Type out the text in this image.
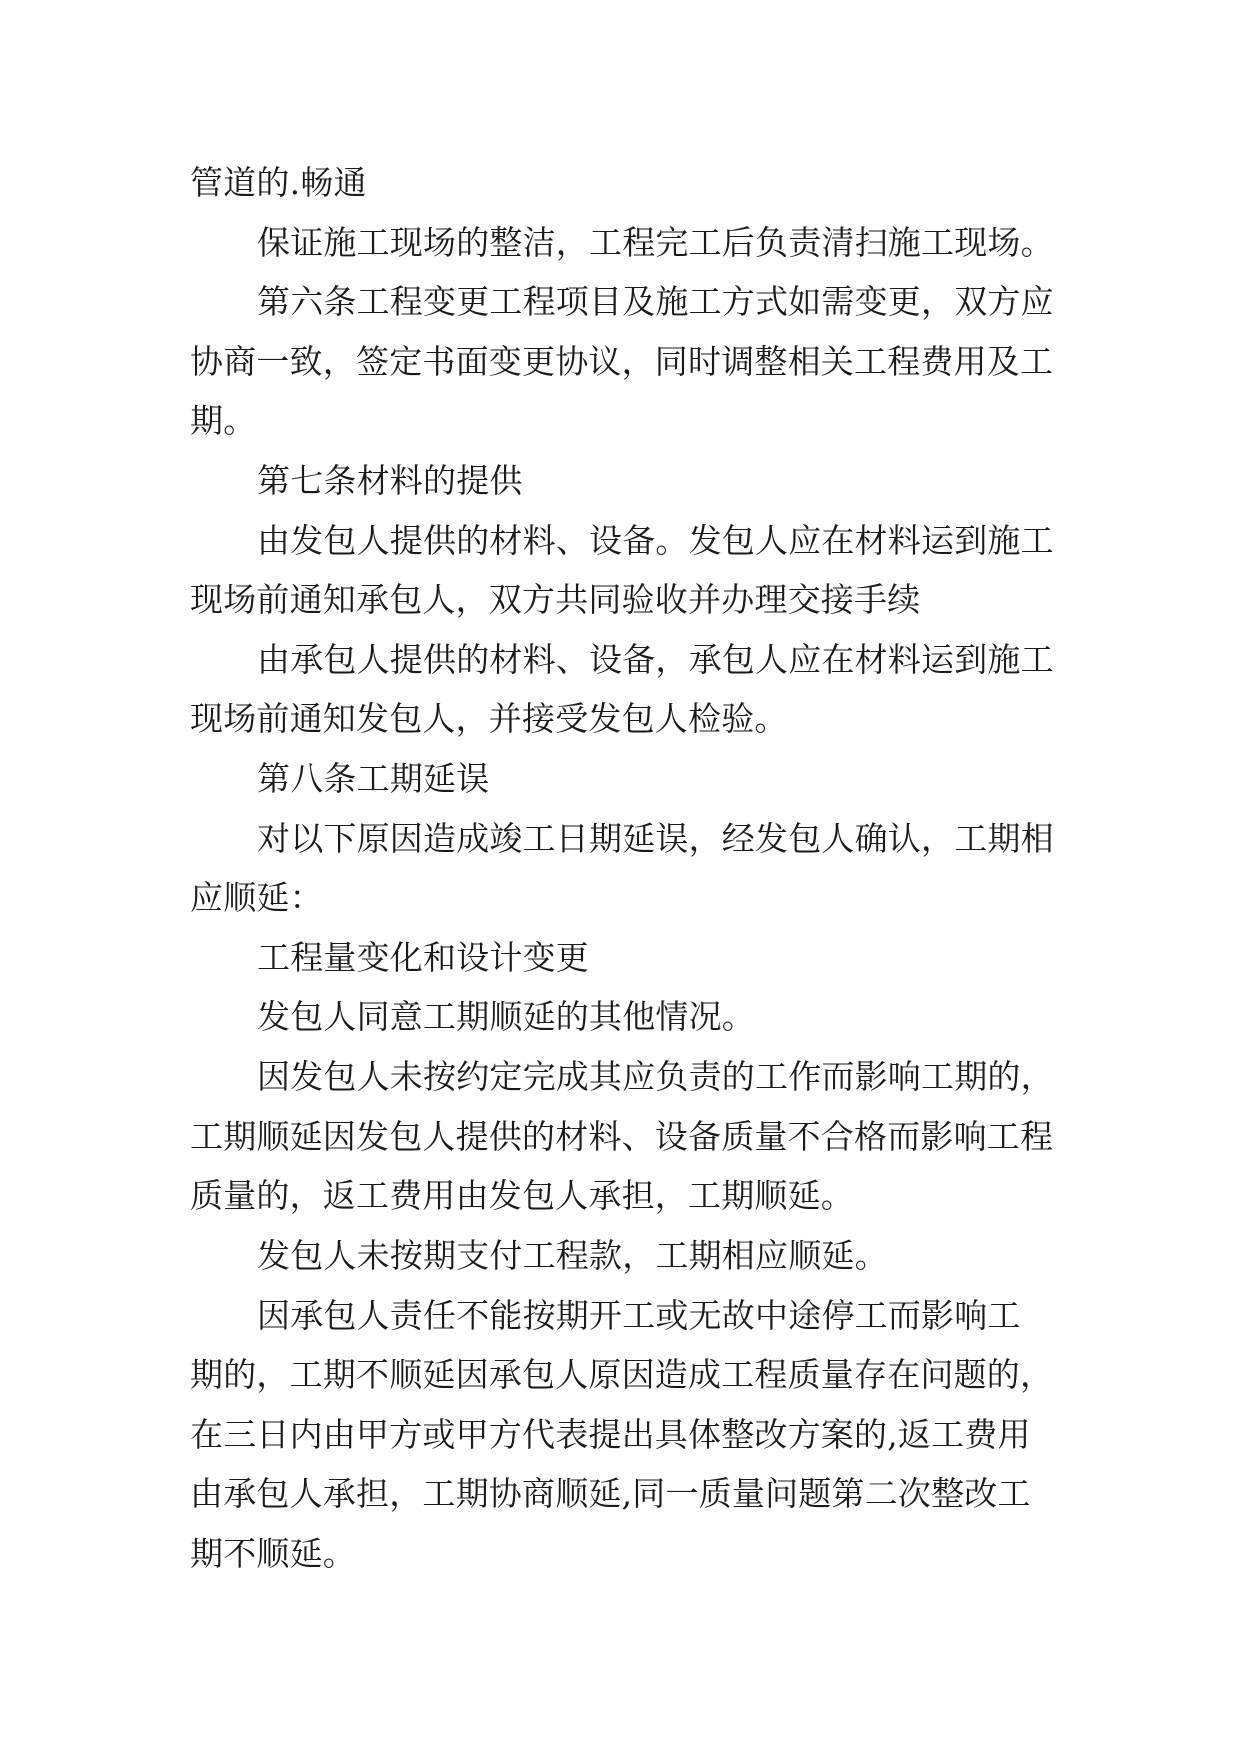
管道的.畅通
保证施工现场的整洁，工程完工后负责清扫施工现场。
第六条工程变更工程项目及施工方式如需变更，双方应
协商一致，签定书面变更协议，同时调整相关工程费用及工
期。
第七条材料的提供
由发包人提供的材料、设备。发包人应在材料运到施工
现场前通知承包人，双方共同验收并办理交接手续
由承包人提供的材料、设备，承包人应在材料运到施工
现场前通知发包人，并接受发包人检验。
第八条工期延误
对以下原因造成竣工日期延误，经发包人确认，工期相
应顺延：
工程量变化和设计变更
发包人同意工期顺延的其他情况。
因发包人未按约定完成其应负责的工作而影响工期的，
工期顺延因发包人提供的材料、设备质量不合格而影响工程
质量的，返工费用由发包人承担，工期顺延。
发包人未按期支付工程款，工期相应顺延。
因承包人责任不能按期开工或无故中途停工而影响工
期的，工期不顺延因承包人原因造成工程质量存在问题的，
在三日内由甲方或甲方代表提出具体整改方案的,返工费用
由承包人承担，工期协商顺延,同一质量问题第二次整改工
期不顺延。
